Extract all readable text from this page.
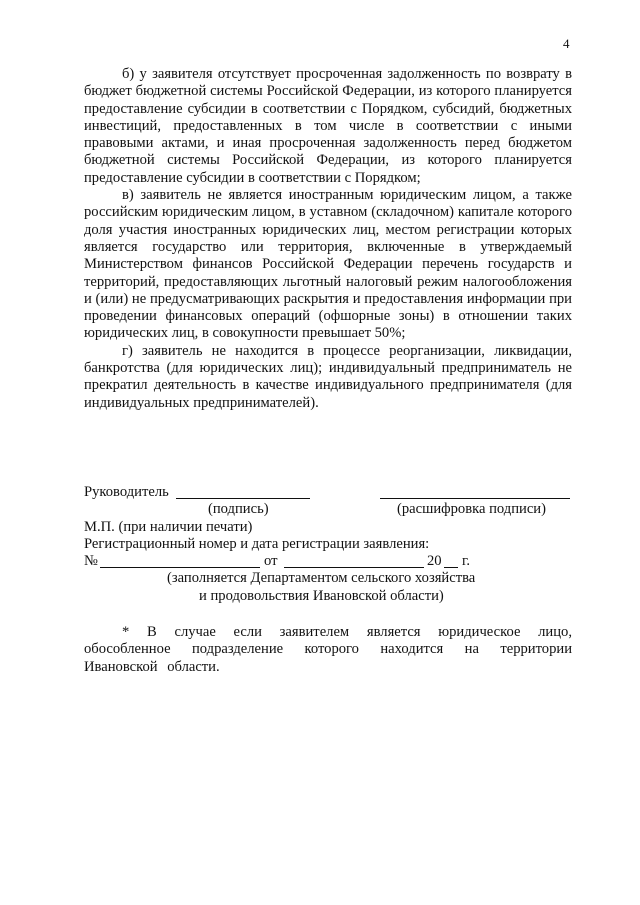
4

б) у заявителя отсутствует просроченная задолженность по возврату в бюджет бюджетной системы Российской Федерации, из которого планируется предоставление субсидии в соответствии с Порядком, субсидий, бюджетных инвестиций, предоставленных в том числе в соответствии с иными правовыми актами, и иная просроченная задолженность перед бюджетом бюджетной системы Российской Федерации, из которого планируется предоставление субсидии в соответствии с Порядком;

в) заявитель не является иностранным юридическим лицом, а также российским юридическим лицом, в уставном (складочном) капитале которого доля участия иностранных юридических лиц, местом регистрации которых является государство или территория, включенные в утверждаемый Министерством финансов Российской Федерации перечень государств и территорий, предоставляющих льготный налоговый режим налогообложения и (или) не предусматривающих раскрытия и предоставления информации при проведении финансовых операций (офшорные зоны) в отношении таких юридических лиц, в совокупности превышает 50%;

г) заявитель не находится в процессе реорганизации, ликвидации, банкротства (для юридических лиц); индивидуальный предприниматель не прекратил деятельность в качестве индивидуального предпринимателя (для индивидуальных предпринимателей).

Руководитель
(подпись)	(расшифровка подписи)
М.П. (при наличии печати)
Регистрационный номер и дата регистрации заявления:
№	от	20 г.
(заполняется Департаментом сельского хозяйства
и продовольствия Ивановской области)

* В случае если заявителем является юридическое лицо, обособленное подразделение которого находится на территории Ивановской области.
